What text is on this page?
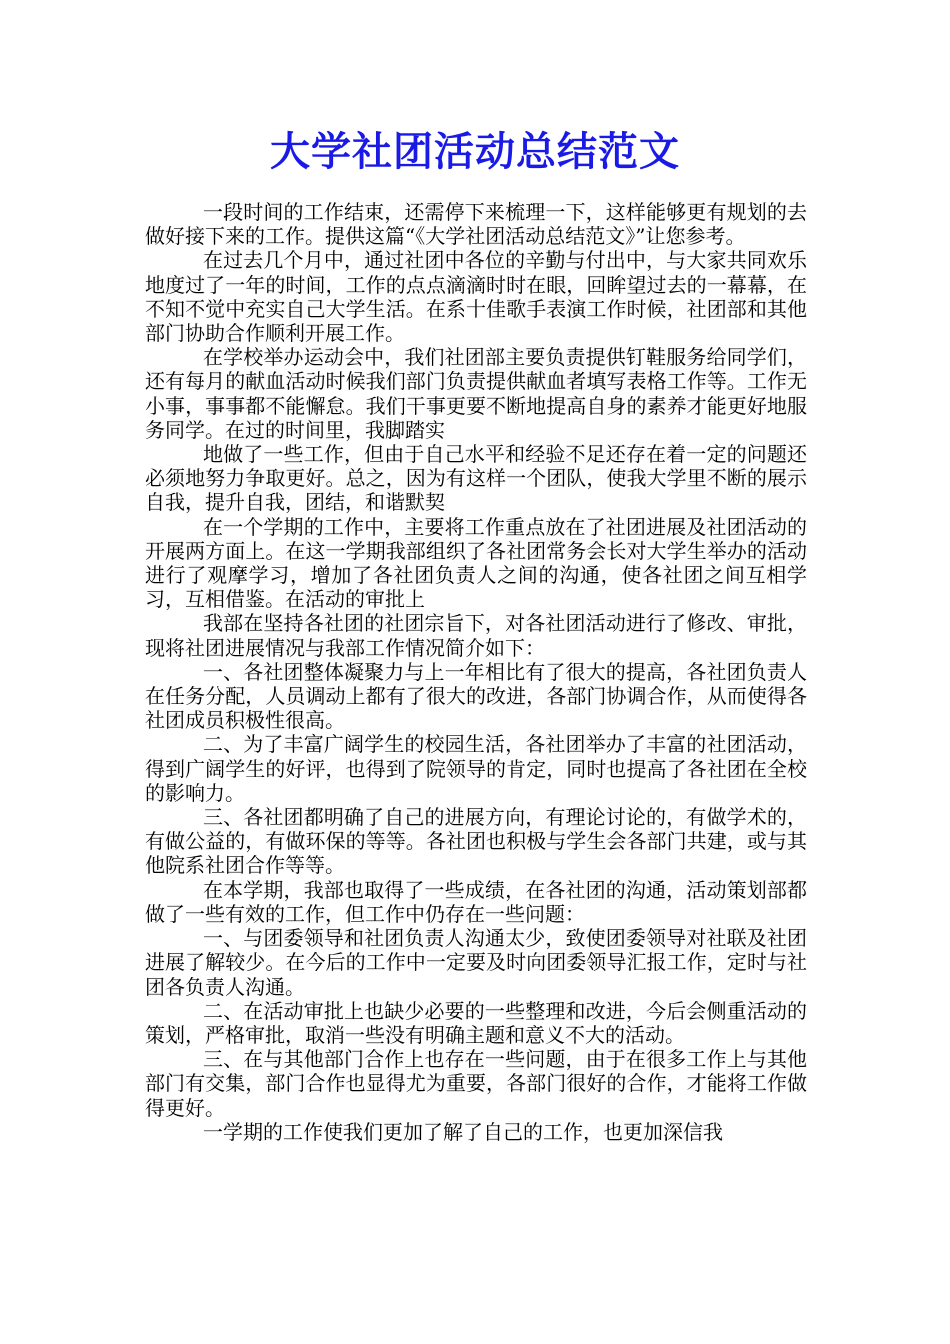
大学社团活动总结范文

一段时间的工作结束，还需停下来梳理一下，这样能够更有规划的去做好接下来的工作。提供这篇“《大学社团活动总结范文》”让您参考。

在过去几个月中，通过社团中各位的辛勤与付出中，与大家共同欢乐地度过了一年的时间，工作的点点滴滴时时在眼，回眸望过去的一幕幕，在不知不觉中充实自己大学生活。在系十佳歌手表演工作时候，社团部和其他部门协助合作顺利开展工作。

在学校举办运动会中，我们社团部主要负责提供钉鞋服务给同学们，还有每月的献血活动时候我们部门负责提供献血者填写表格工作等。工作无小事，事事都不能懈怠。我们干事更要不断地提高自身的素养才能更好地服务同学。在过的时间里，我脚踏实

地做了一些工作，但由于自己水平和经验不足还存在着一定的问题还必须地努力争取更好。总之，因为有这样一个团队，使我大学里不断的展示自我，提升自我，团结，和谐默契

在一个学期的工作中，主要将工作重点放在了社团进展及社团活动的开展两方面上。在这一学期我部组织了各社团常务会长对大学生举办的活动进行了观摩学习，增加了各社团负责人之间的沟通，使各社团之间互相学习，互相借鉴。在活动的审批上

我部在坚持各社团的社团宗旨下，对各社团活动进行了修改、审批，现将社团进展情况与我部工作情况简介如下：

一、各社团整体凝聚力与上一年相比有了很大的提高，各社团负责人在任务分配，人员调动上都有了很大的改进，各部门协调合作，从而使得各社团成员积极性很高。

二、为了丰富广阔学生的校园生活，各社团举办了丰富的社团活动，得到广阔学生的好评，也得到了院领导的肯定，同时也提高了各社团在全校的影响力。

三、各社团都明确了自己的进展方向，有理论讨论的，有做学术的，有做公益的，有做环保的等等。各社团也积极与学生会各部门共建，或与其他院系社团合作等等。

在本学期，我部也取得了一些成绩，在各社团的沟通，活动策划部都做了一些有效的工作，但工作中仍存在一些问题：

一、与团委领导和社团负责人沟通太少，致使团委领导对社联及社团进展了解较少。在今后的工作中一定要及时向团委领导汇报工作，定时与社团各负责人沟通。

二、在活动审批上也缺少必要的一些整理和改进，今后会侧重活动的策划，严格审批，取消一些没有明确主题和意义不大的活动。

三、在与其他部门合作上也存在一些问题，由于在很多工作上与其他部门有交集，部门合作也显得尤为重要，各部门很好的合作，才能将工作做得更好。

一学期的工作使我们更加了解了自己的工作，也更加深信我
